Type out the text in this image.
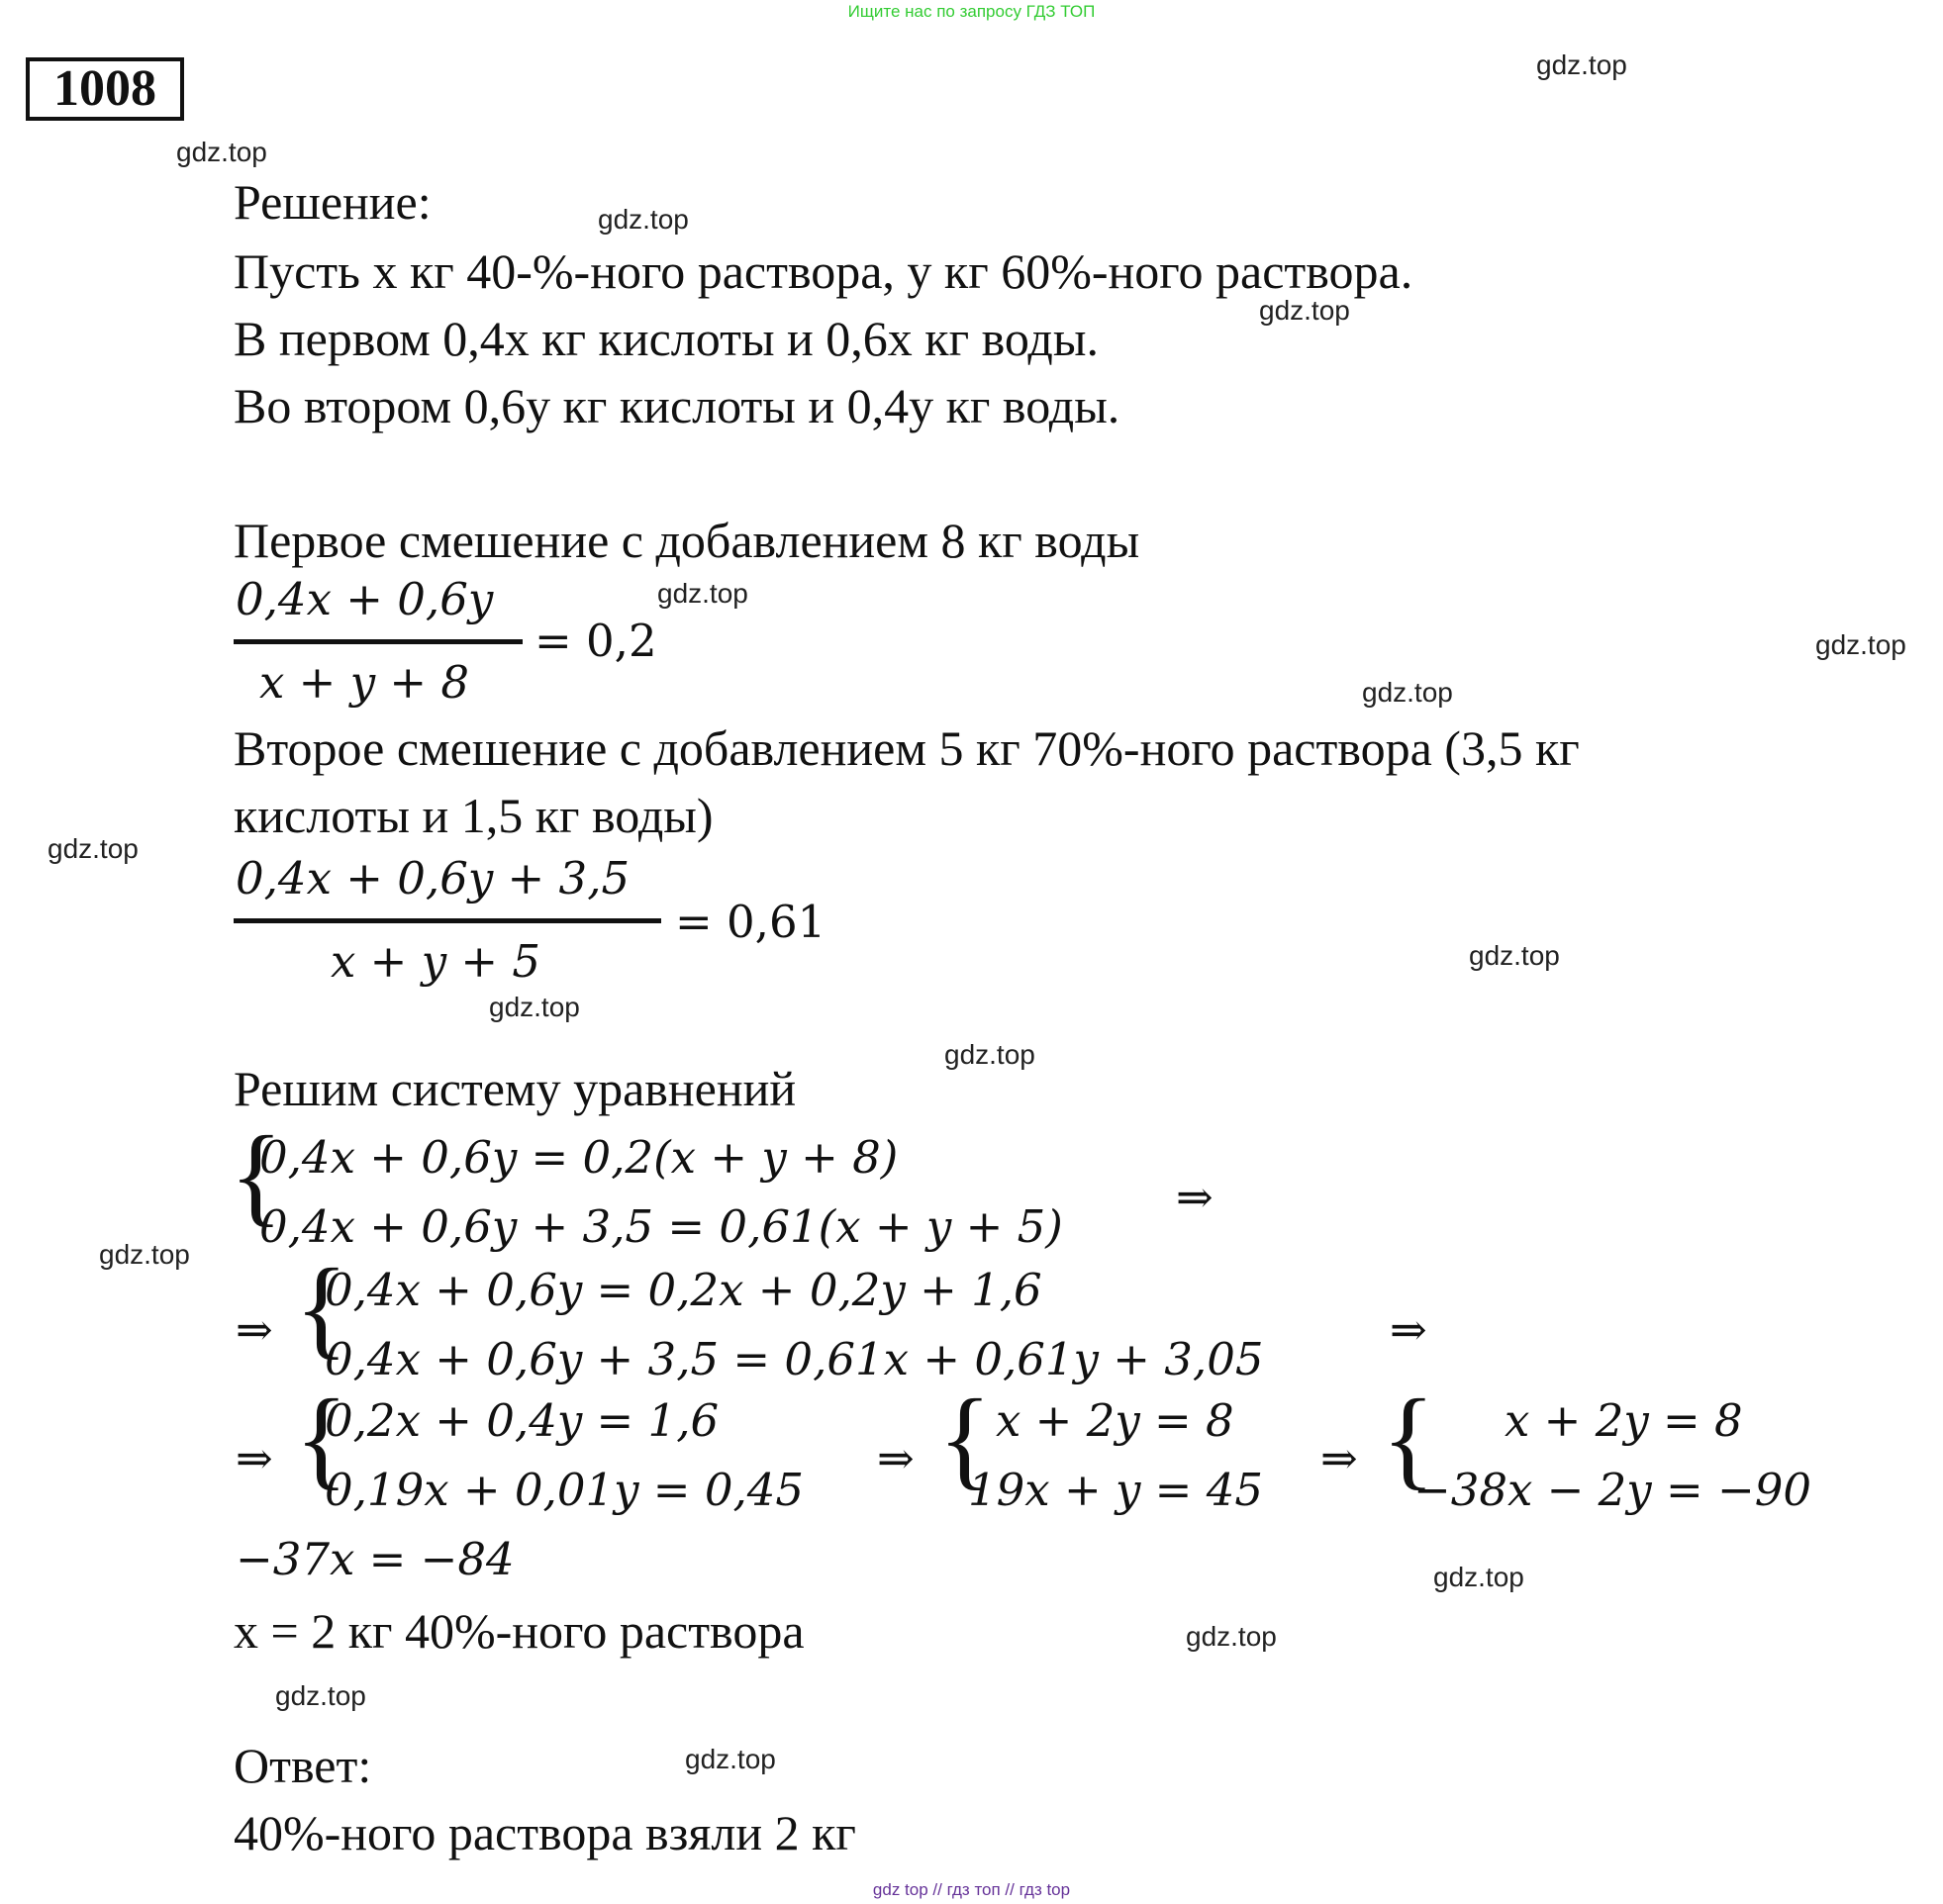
Ищите нас по запросу ГДЗ ТОП
gdz top // гдз топ // гдз top
1008	gdz.top
gdz.top
gdz.top
gdz.top
gdz.top
gdz.top
gdz.top
gdz.top
gdz.top
gdz.top
gdz.top
gdz.top
gdz.top
gdz.top
gdz.top
gdz.top
Решение:
Пусть x кг 40-%-ного раствора, y кг 60%-ного раствора.
В первом 0,4x кг кислоты и 0,6x кг воды.
Во втором 0,6y кг кислоты и 0,4y кг воды.
Первое смешение с добавлением 8 кг воды
0,4x + 0,6y
x + y + 8
= 0,2
Второе смешение с добавлением 5 кг 70%-ного раствора (3,5 кг
кислоты и 1,5 кг воды)
0,4x + 0,6y + 3,5
x + y + 5
= 0,61
Решим систему уравнений
{
0,4x + 0,6y = 0,2(x + y + 8)
0,4x + 0,6y + 3,5 = 0,61(x + y + 5)
⇒
⇒ {
0,4x + 0,6y = 0,2x + 0,2y + 1,6
0,4x + 0,6y + 3,5 = 0,61x + 0,61y + 3,05
⇒
⇒ {
0,2x + 0,4y = 1,6
0,19x + 0,01y = 0,45
⇒ { x + 2y = 8
19x + y = 45
⇒ { x + 2y = 8
−38x − 2y = −90
−37x = −84
x = 2 кг 40%-ного раствора
Ответ:
40%-ного раствора взяли 2 кг
